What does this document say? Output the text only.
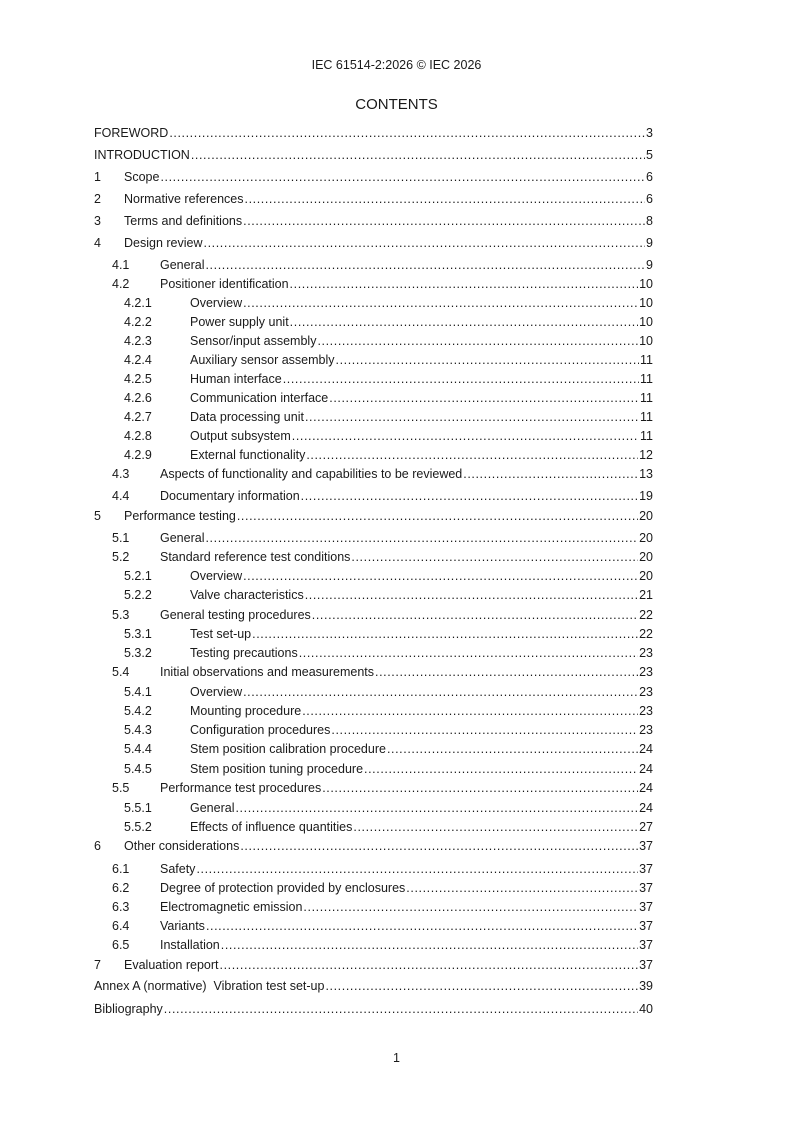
IEC 61514-2:2026 © IEC 2026
CONTENTS
FOREWORD .....	3
INTRODUCTION .....	5
1	Scope .....	6
2	Normative references .....	6
3	Terms and definitions .....	8
4	Design review .....	9
4.1	General .....	9
4.2	Positioner identification .....	10
4.2.1	Overview .....	10
4.2.2	Power supply unit .....	10
4.2.3	Sensor/input assembly .....	10
4.2.4	Auxiliary sensor assembly .....	11
4.2.5	Human interface .....	11
4.2.6	Communication interface .....	11
4.2.7	Data processing unit .....	11
4.2.8	Output subsystem .....	11
4.2.9	External functionality .....	12
4.3	Aspects of functionality and capabilities to be reviewed .....	13
4.4	Documentary information .....	19
5	Performance testing .....	20
5.1	General .....	20
5.2	Standard reference test conditions .....	20
5.2.1	Overview .....	20
5.2.2	Valve characteristics .....	21
5.3	General testing procedures .....	22
5.3.1	Test set-up .....	22
5.3.2	Testing precautions .....	23
5.4	Initial observations and measurements .....	23
5.4.1	Overview .....	23
5.4.2	Mounting procedure .....	23
5.4.3	Configuration procedures .....	23
5.4.4	Stem position calibration procedure .....	24
5.4.5	Stem position tuning procedure .....	24
5.5	Performance test procedures .....	24
5.5.1	General .....	24
5.5.2	Effects of influence quantities .....	27
6	Other considerations .....	37
6.1	Safety .....	37
6.2	Degree of protection provided by enclosures .....	37
6.3	Electromagnetic emission .....	37
6.4	Variants .....	37
6.5	Installation .....	37
7	Evaluation report .....	37
Annex A (normative)  Vibration test set-up .....	39
Bibliography .....	40
1
